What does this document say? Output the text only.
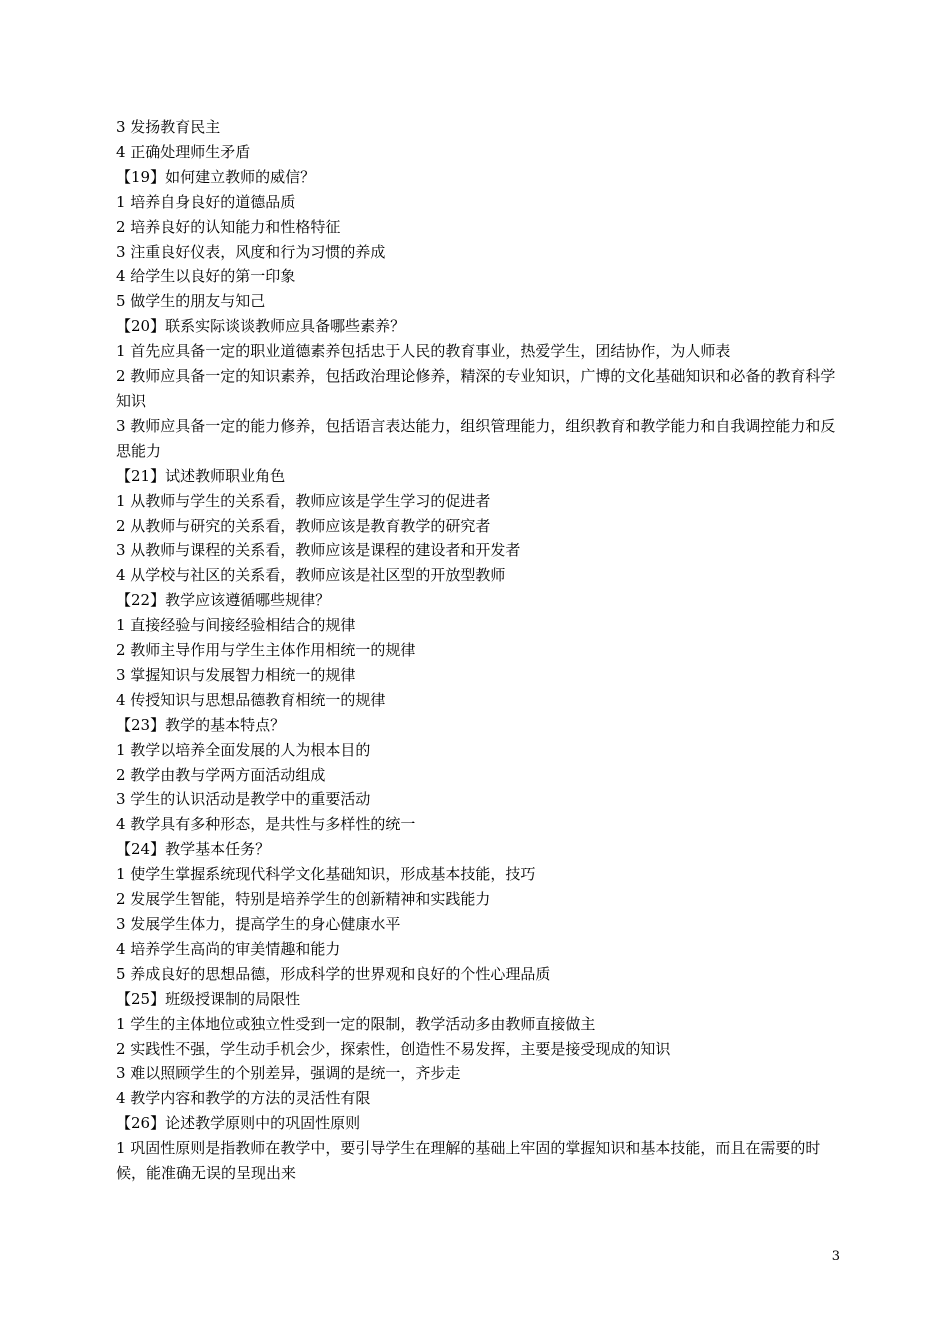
3 发扬教育民主
4 正确处理师生矛盾
【19】如何建立教师的威信？
1 培养自身良好的道德品质
2 培养良好的认知能力和性格特征
3 注重良好仪表，风度和行为习惯的养成
4 给学生以良好的第一印象
5 做学生的朋友与知己
【20】联系实际谈谈教师应具备哪些素养？
1 首先应具备一定的职业道德素养包括忠于人民的教育事业，热爱学生，团结协作，为人师表
2 教师应具备一定的知识素养，包括政治理论修养，精深的专业知识，广博的文化基础知识和必备的教育科学知识
3 教师应具备一定的能力修养，包括语言表达能力，组织管理能力，组织教育和教学能力和自我调控能力和反思能力
【21】试述教师职业角色
1 从教师与学生的关系看，教师应该是学生学习的促进者
2 从教师与研究的关系看，教师应该是教育教学的研究者
3 从教师与课程的关系看，教师应该是课程的建设者和开发者
4 从学校与社区的关系看，教师应该是社区型的开放型教师
【22】教学应该遵循哪些规律？
1 直接经验与间接经验相结合的规律
2 教师主导作用与学生主体作用相统一的规律
3 掌握知识与发展智力相统一的规律
4 传授知识与思想品德教育相统一的规律
【23】教学的基本特点？
1 教学以培养全面发展的人为根本目的
2 教学由教与学两方面活动组成
3 学生的认识活动是教学中的重要活动
4 教学具有多种形态，是共性与多样性的统一
【24】教学基本任务？
1 使学生掌握系统现代科学文化基础知识，形成基本技能，技巧
2 发展学生智能，特别是培养学生的创新精神和实践能力
3 发展学生体力，提高学生的身心健康水平
4 培养学生高尚的审美情趣和能力
5 养成良好的思想品德，形成科学的世界观和良好的个性心理品质
【25】班级授课制的局限性
1 学生的主体地位或独立性受到一定的限制，教学活动多由教师直接做主
2 实践性不强，学生动手机会少，探索性，创造性不易发挥，主要是接受现成的知识
3 难以照顾学生的个别差异，强调的是统一，齐步走
4 教学内容和教学的方法的灵活性有限
【26】论述教学原则中的巩固性原则
1 巩固性原则是指教师在教学中，要引导学生在理解的基础上牢固的掌握知识和基本技能，而且在需要的时候，能准确无误的呈现出来
3
